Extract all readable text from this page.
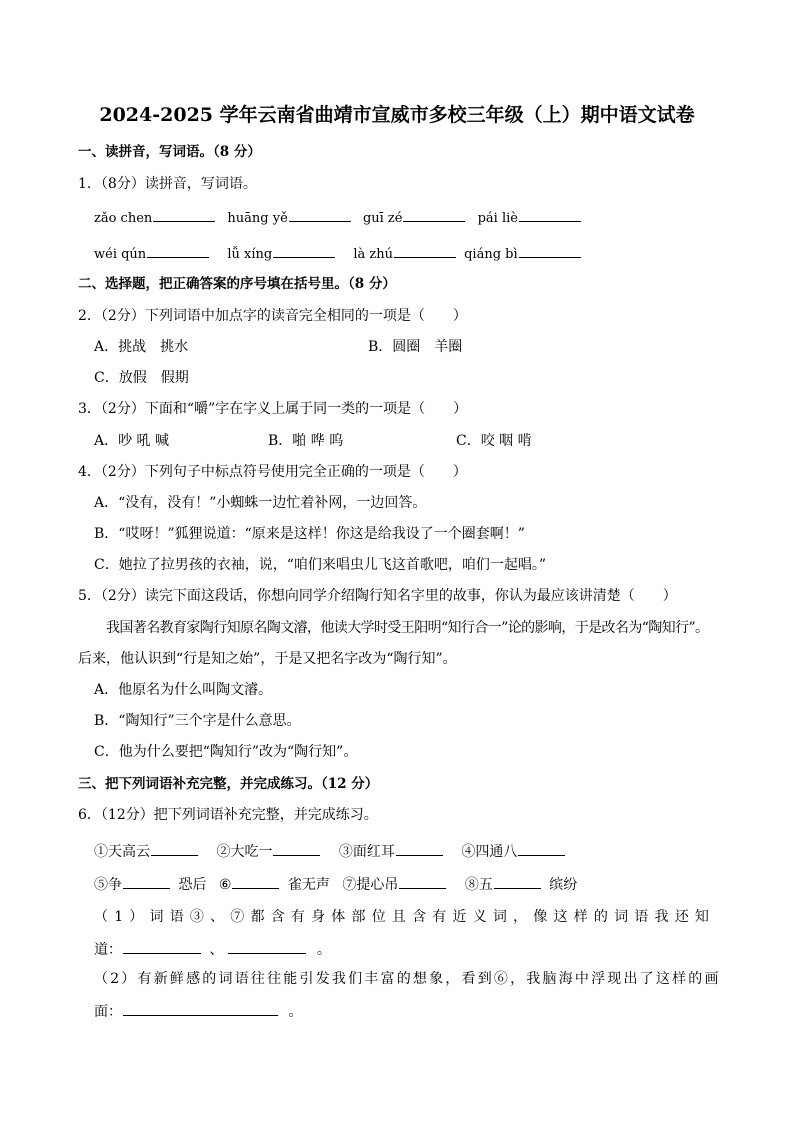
2024-2025 学年云南省曲靖市宣威市多校三年级（上）期中语文试卷
一、读拼音，写词语。（8 分）
1．（8分）读拼音，写词语。
zǎo chen	huāng yě	guī zé	pái liè
wéi qún	lǚ xíng	là zhú	qiáng bì
二、选择题，把正确答案的序号填在括号里。（8 分）
2．（2分）下列词语中加点字的读音完全相同的一项是（　　）
A．挑战　挑水	B．圆圈　羊圈
C．放假　假期
3．（2分）下面和“嚼”字在字义上属于同一类的一项是（　　）
A．吵 吼 喊	B．啪 哗 呜	C．咬 咽 啃
4．（2分）下列句子中标点符号使用完全正确的一项是（　　）
A．“没有，没有！”小蜘蛛一边忙着补网，一边回答。
B．“哎呀！”狐狸说道：“原来是这样！你这是给我设了一个圈套啊！”
C．她拉了拉男孩的衣袖，说，“咱们来唱虫儿飞这首歌吧，咱们一起唱。”
5．（2分）读完下面这段话，你想向同学介绍陶行知名字里的故事，你认为最应该讲清楚（　　）
我国著名教育家陶行知原名陶文濬，他读大学时受王阳明“知行合一”论的影响，于是改名为“陶知行”。
后来，他认识到“行是知之始”，于是又把名字改为“陶行知”。
A．他原名为什么叫陶文濬。
B．“陶知行”三个字是什么意思。
C．他为什么要把“陶知行”改为“陶行知”。
三、把下列词语补充完整，并完成练习。（12 分）
6．（12分）把下列词语补充完整，并完成练习。
①天高云	②大吃一	③面红耳	④四通八
⑤争	恐后 ⑥	雀无声 ⑦提心吊	⑧五	缤纷
（1）词语③、⑦都含有身体部位且含有近义词，像这样的词语我还知
道：	、	。
（2）有新鲜感的词语往往能引发我们丰富的想象，看到⑥，我脑海中浮现出了这样的画
面：	。
